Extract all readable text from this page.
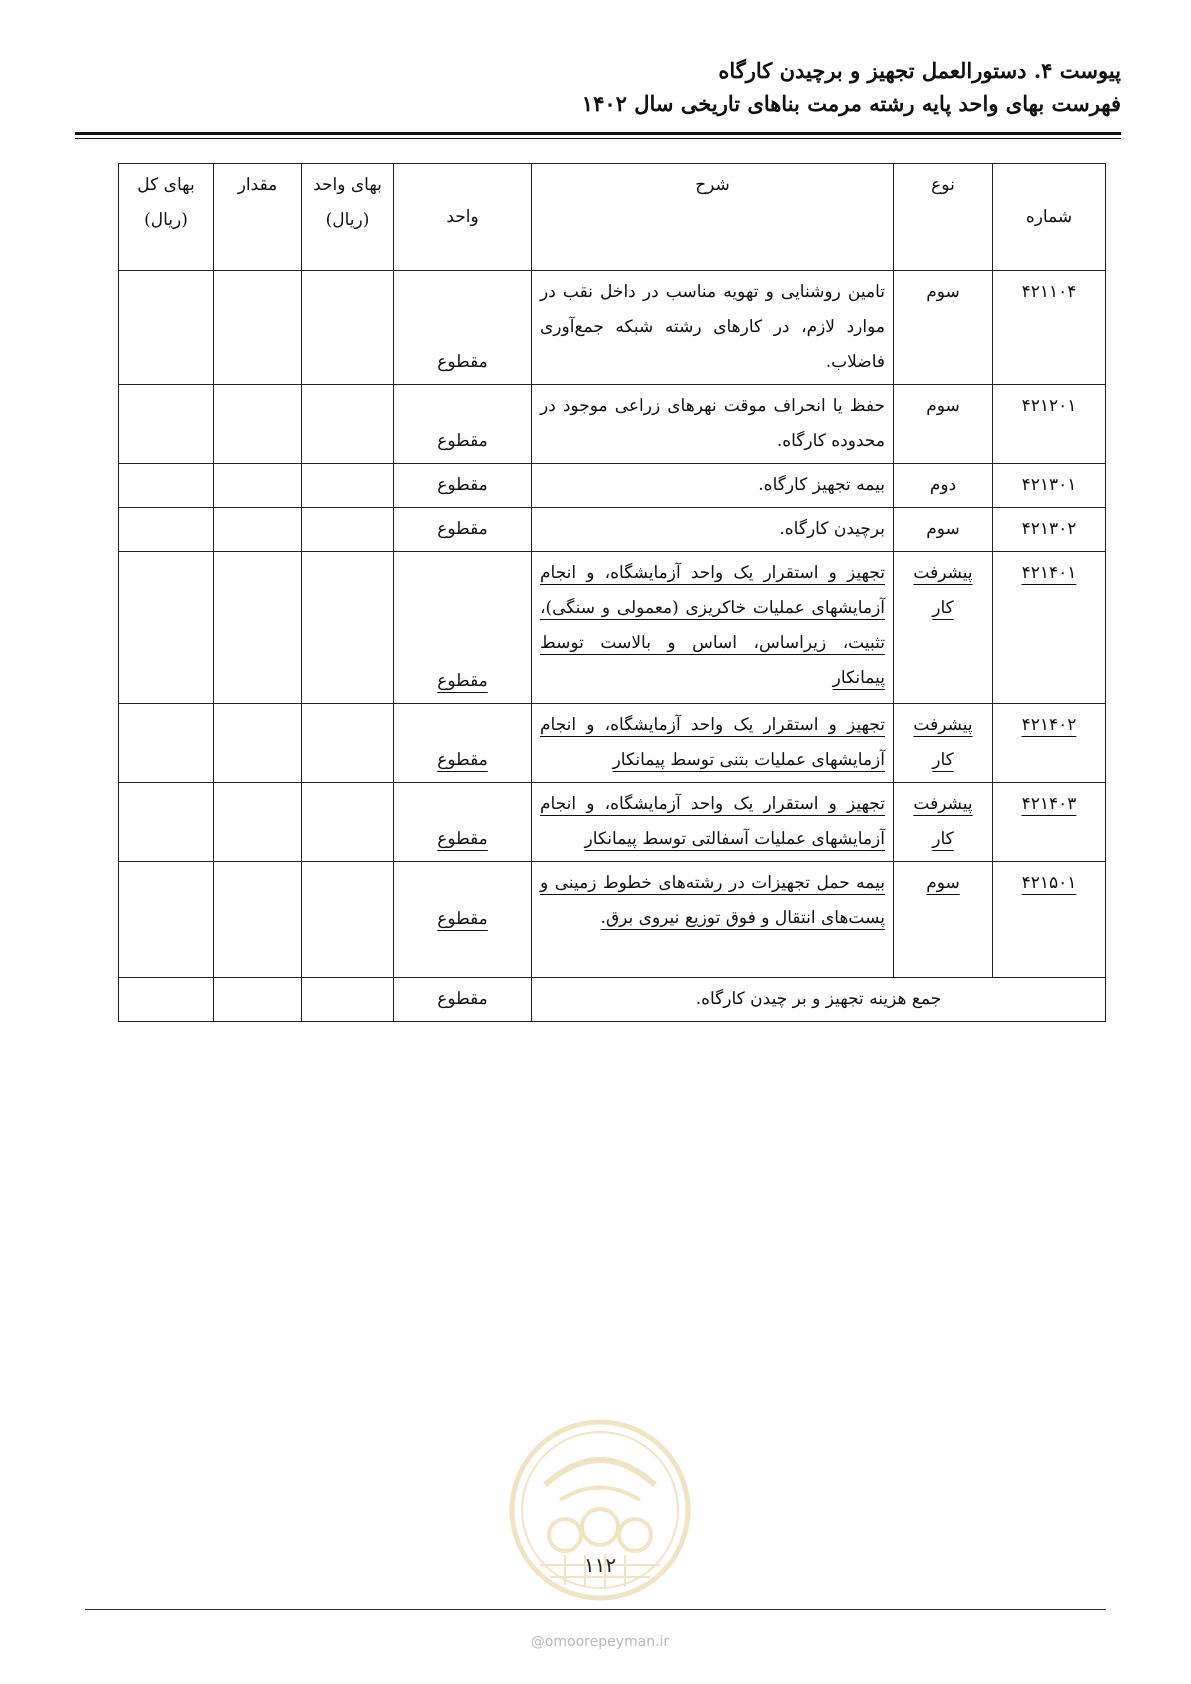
پیوست ۴. دستورالعمل تجهیز و برچیدن کارگاه
فهرست بهای واحد پایه رشته مرمت بناهای تاریخی سال ۱۴۰۲
شماره	نوع	شرح	واحد	بهای واحد (ریال)	مقدار	بهای کل (ریال)
۴۲۱۱۰۴	سوم	تامین روشنایی و تهویه مناسب در داخل نقب در موارد لازم، در کارهای رشته شبکه جمع‌آوری فاضلاب.	مقطوع			
۴۲۱۲۰۱	سوم	حفظ یا انحراف موقت نهرهای زراعی موجود در محدوده کارگاه.	مقطوع			
۴۲۱۳۰۱	دوم	بیمه تجهیز کارگاه.	مقطوع			
۴۲۱۳۰۲	سوم	برچیدن کارگاه.	مقطوع			
۴۲۱۴۰۱	پیشرفت کار	تجهیز و استقرار یک واحد آزمایشگاه، و انجام آزمایشهای عملیات خاکریزی (معمولی و سنگی)، تثبیت، زیراساس، اساس و بالاست توسط پیمانکار	مقطوع			
۴۲۱۴۰۲	پیشرفت کار	تجهیز و استقرار یک واحد آزمایشگاه، و انجام آزمایشهای عملیات بتنی توسط پیمانکار	مقطوع			
۴۲۱۴۰۳	پیشرفت کار	تجهیز و استقرار یک واحد آزمایشگاه، و انجام آزمایشهای عملیات آسفالتی توسط پیمانکار	مقطوع			
۴۲۱۵۰۱	سوم	بیمه حمل تجهیزات در رشته‌های خطوط زمینی و پست‌های انتقال و فوق توزیع نیروی برق.	مقطوع			
جمع هزینه تجهیز و بر چیدن کارگاه.			مقطوع			
۱۱۲
@omoorepeyman.ir
